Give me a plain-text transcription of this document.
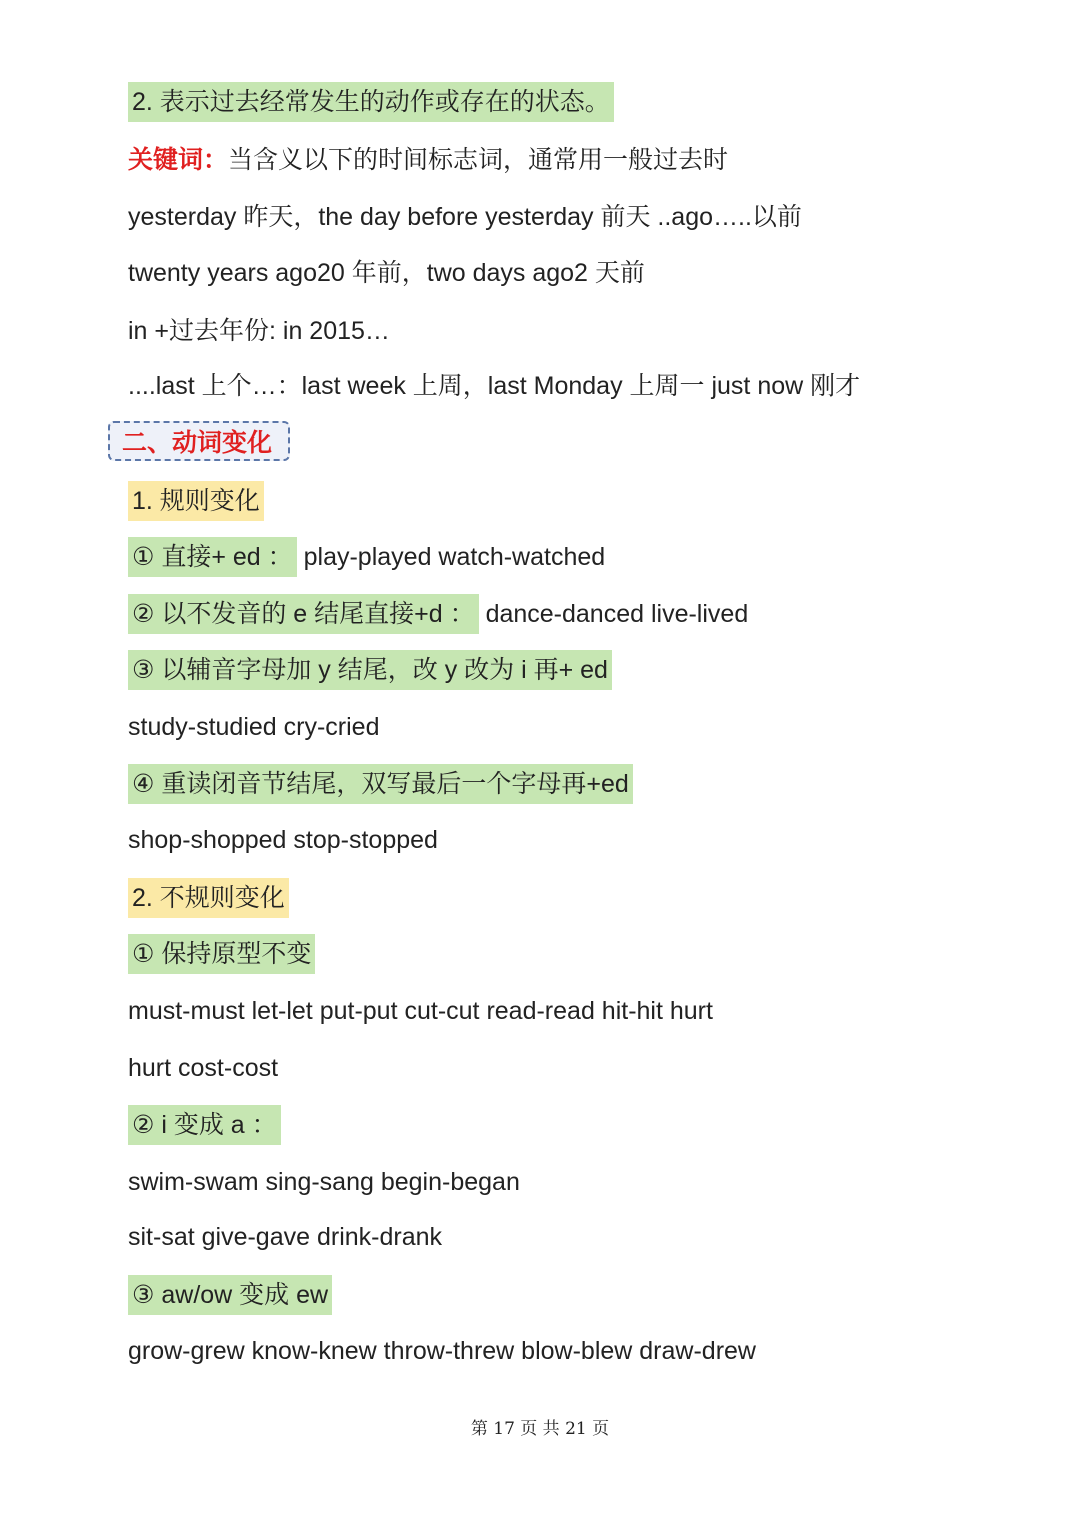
2. 表示过去经常发生的动作或存在的状态。
关键词：当含义以下的时间标志词，通常用一般过去时
yesterday 昨天，the day before yesterday 前天 ..ago…..以前
twenty years ago20 年前，two days ago2 天前
in +过去年份: in 2015…
....last 上个…：last week 上周，last Monday 上周一 just now 刚才
二、动词变化
1. 规则变化
① 直接+ ed ： play-played watch-watched
② 以不发音的 e 结尾直接+d ： dance-danced live-lived
③ 以辅音字母加 y 结尾，改 y 改为 i 再+ ed
study-studied cry-cried
④ 重读闭音节结尾，双写最后一个字母再+ed
shop-shopped stop-stopped
2. 不规则变化
① 保持原型不变
must-must let-let put-put cut-cut read-read hit-hit hurt
hurt cost-cost
② i 变成 a ：
swim-swam sing-sang begin-began
sit-sat give-gave drink-drank
③ aw/ow 变成 ew
grow-grew know-knew throw-threw blow-blew draw-drew
第 17 页 共 21 页
